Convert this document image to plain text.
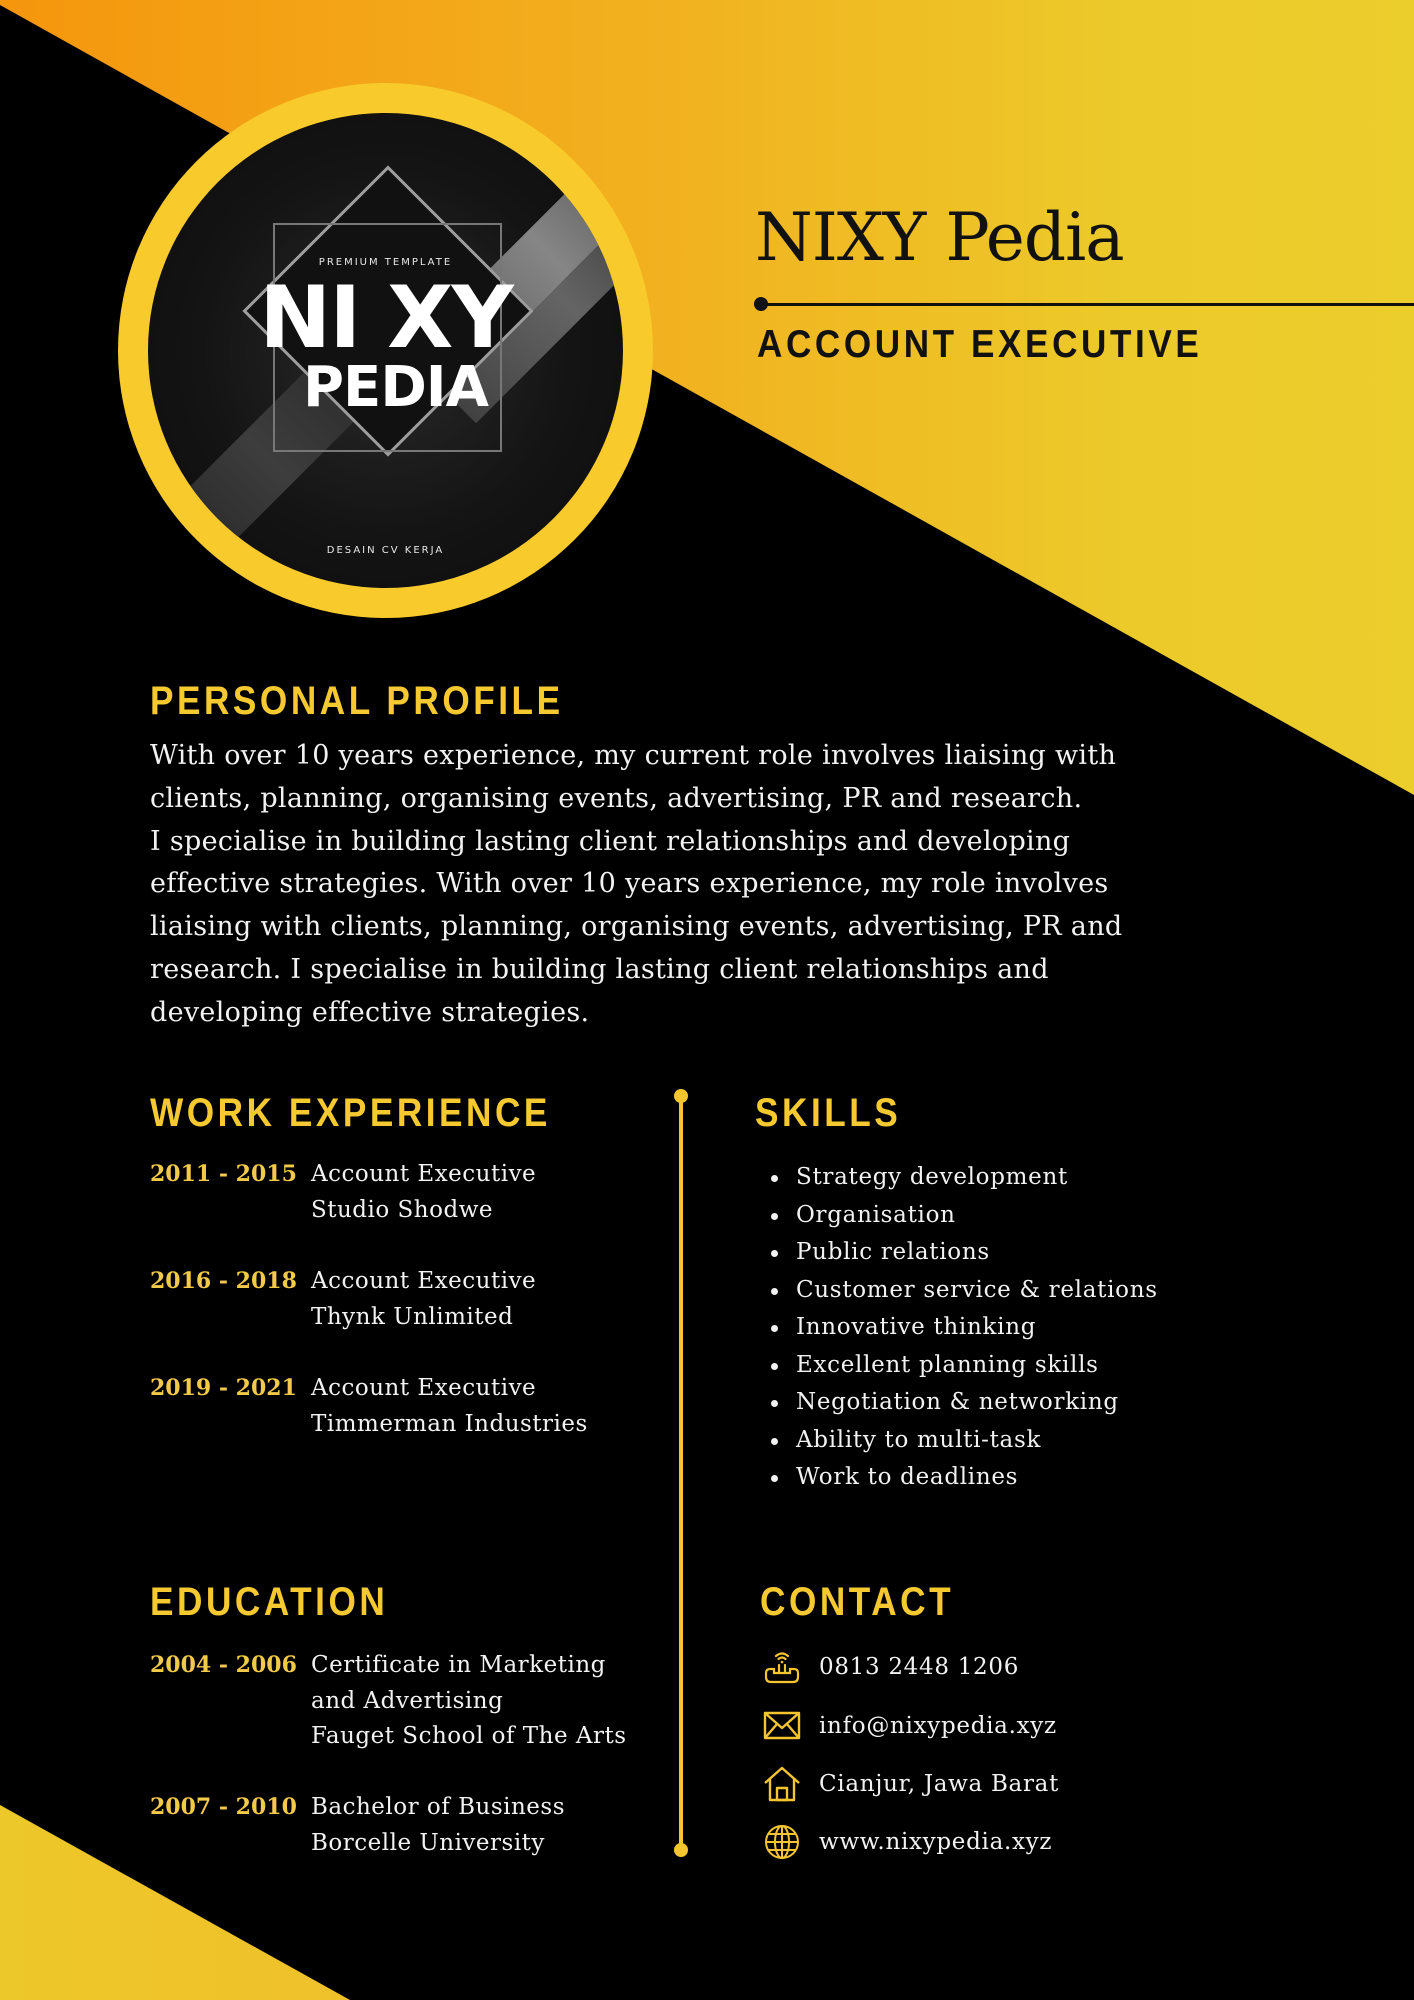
PREMIUM TEMPLATE
NI XY
PEDIA
DESAIN CV KERJA
NIXY Pedia
ACCOUNT EXECUTIVE
PERSONAL PROFILE
With over 10 years experience, my current role involves liaising with
clients, planning, organising events, advertising, PR and research.
I specialise in building lasting client relationships and developing
effective strategies. With over 10 years experience, my role involves
liaising with clients, planning, organising events, advertising, PR and
research. I specialise in building lasting client relationships and
developing effective strategies.
WORK EXPERIENCE
2011 - 2015 Account Executive
Studio Shodwe
2016 - 2018 Account Executive
Thynk Unlimited
2019 - 2021 Account Executive
Timmerman Industries
SKILLS
Strategy development
Organisation
Public relations
Customer service & relations
Innovative thinking
Excellent planning skills
Negotiation & networking
Ability to multi-task
Work to deadlines
EDUCATION
2004 - 2006 Certificate in Marketing
and Advertising
Fauget School of The Arts
2007 - 2010 Bachelor of Business
Borcelle University
CONTACT
0813 2448 1206
info@nixypedia.xyz
Cianjur, Jawa Barat
www.nixypedia.xyz
